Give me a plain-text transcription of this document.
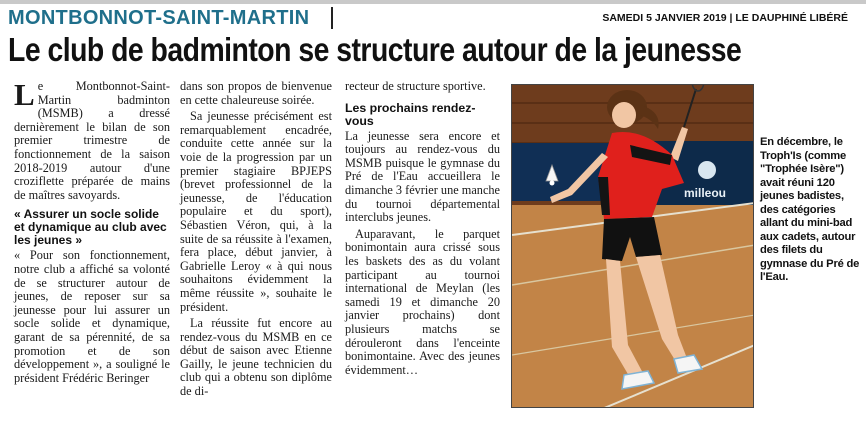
MONTBONNOT-SAINT-MARTIN	SAMEDI 5 JANVIER 2019 | LE DAUPHINÉ LIBÉRÉ
Le club de badminton se structure autour de la jeunesse

Le Montbonnot-Saint-Martin badminton (MSMB) a dressé dernièrement le bilan de son premier trimestre de fonctionnement de la saison 2018-2019 autour d'une croziflette préparée de mains de maîtres savoyards.

« Assurer un socle solide et dynamique au club avec les jeunes »

« Pour son fonctionnement, notre club a affiché sa volonté de se structurer autour de jeunes, de reposer sur sa jeunesse pour lui assurer un socle solide et dynamique, garant de sa pérennité, de sa promotion et de son développement », a souligné le président Frédéric Beringer

dans son propos de bienvenue en cette chaleureuse soirée.

Sa jeunesse précisément est remarquablement encadrée, conduite cette année sur la voie de la progression par un premier stagiaire BPJEPS (brevet professionnel de la jeunesse, de l'éducation populaire et du sport), Sébastien Véron, qui, à la suite de sa réussite à l'examen, fera place, début janvier, à Gabrielle Leroy « à qui nous souhaitons évidemment la même réussite », souhaite le président.

La réussite fut encore au rendez-vous du MSMB en ce début de saison avec Etienne Gailly, le jeune technicien du club qui a obtenu son diplôme de di-

recteur de structure sportive.

Les prochains rendez-vous

La jeunesse sera encore et toujours au rendez-vous du MSMB puisque le gymnase du Pré de l'Eau accueillera le dimanche 3 février une manche du tournoi départemental interclubs jeunes.

Auparavant, le parquet bonimontain aura crissé sous les baskets des as du volant participant au tournoi international de Meylan (les samedi 19 et dimanche 20 janvier prochains) dont plusieurs matchs se dérouleront dans l'enceinte bonimontaine. Avec des jeunes évidemment…

milleou
En décembre, le Troph'Is (comme "Trophée Isère") avait réuni 120 jeunes badistes, des catégories allant du mini-bad aux cadets, autour des filets du gymnase du Pré de l'Eau.
